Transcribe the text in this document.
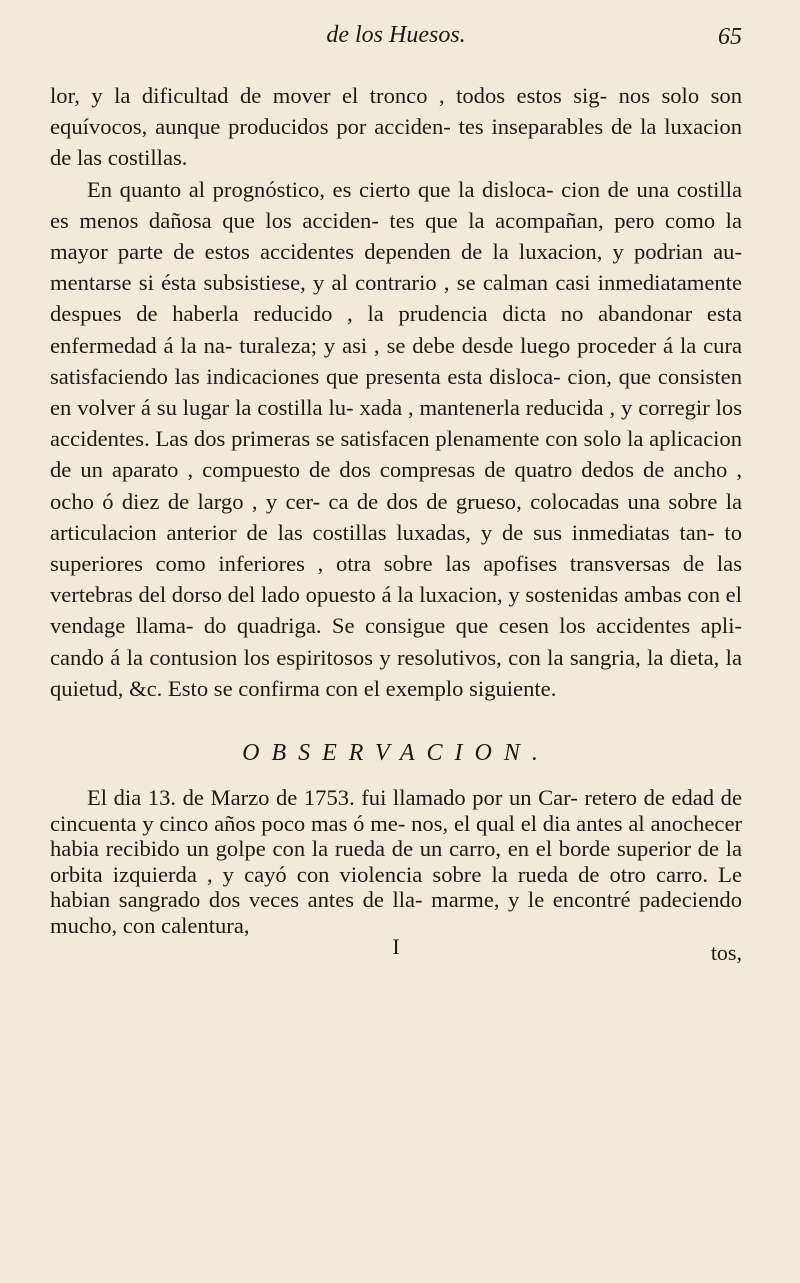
de los Huesos.	65

lor, y la dificultad de mover el tronco , todos estos sig- nos solo son equívocos, aunque producidos por acciden- tes inseparables de la luxacion de las costillas.

En quanto al prognóstico, es cierto que la disloca- cion de una costilla es menos dañosa que los acciden- tes que la acompañan, pero como la mayor parte de estos accidentes dependen de la luxacion, y podrian au- mentarse si ésta subsistiese, y al contrario , se calman casi inmediatamente despues de haberla reducido , la prudencia dicta no abandonar esta enfermedad á la na- turaleza; y asi , se debe desde luego proceder á la cura satisfaciendo las indicaciones que presenta esta disloca- cion, que consisten en volver á su lugar la costilla lu- xada , mantenerla reducida , y corregir los accidentes. Las dos primeras se satisfacen plenamente con solo la aplicacion de un aparato , compuesto de dos compresas de quatro dedos de ancho , ocho ó diez de largo , y cer- ca de dos de grueso, colocadas una sobre la articulacion anterior de las costillas luxadas, y de sus inmediatas tan- to superiores como inferiores , otra sobre las apofises transversas de las vertebras del dorso del lado opuesto á la luxacion, y sostenidas ambas con el vendage llama- do quadriga. Se consigue que cesen los accidentes apli- cando á la contusion los espiritosos y resolutivos, con la sangria, la dieta, la quietud, &c. Esto se confirma con el exemplo siguiente.

OBSERVACION.

El dia 13. de Marzo de 1753. fui llamado por un Car- retero de edad de cincuenta y cinco años poco mas ó me- nos, el qual el dia antes al anochecer habia recibido un golpe con la rueda de un carro, en el borde superior de la orbita izquierda , y cayó con violencia sobre la rueda de otro carro. Le habian sangrado dos veces antes de lla- marme, y le encontré padeciendo mucho, con calentura,

I	tos,
